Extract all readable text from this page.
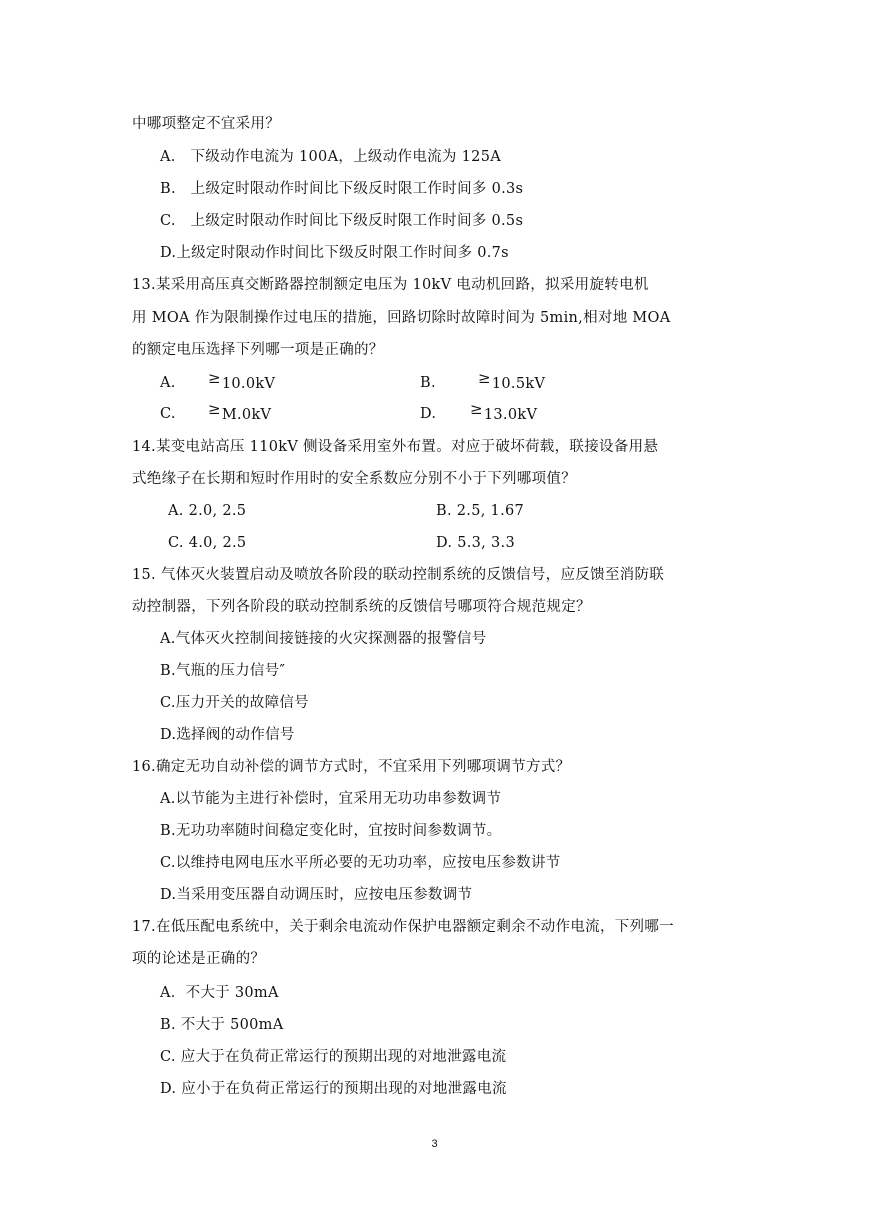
中哪项整定不宜采用？
A.　下级动作电流为 100A，上级动作电流为 125A
B.　上级定时限动作时间比下级反时限工作时间多 0.3s
C.　上级定时限动作时间比下级反时限工作时间多 0.5s
D.上级定时限动作时间比下级反时限工作时间多 0.7s
13.某采用高压真交断路器控制额定电压为 10kV 电动机回路，拟采用旋转电机
用 MOA 作为限制操作过电压的措施，回路切除时故障时间为 5min,相对地 MOA
的额定电压选择下列哪一项是正确的？
A. ≥10.0kV	B.	≥10.5kV
C. ≥M.0kV	D. ≥13.0kV
14.某变电站高压 110kV 侧设备采用室外布置。对应于破坏荷载，联接设备用悬
式绝缘子在长期和短时作用时的安全系数应分别不小于下列哪项值？
A. 2.0, 2.5	B. 2.5, 1.67
C. 4.0, 2.5	D. 5.3, 3.3
15. 气体灭火装置启动及喷放各阶段的联动控制系统的反馈信号，应反馈至消防联
动控制器，下列各阶段的联动控制系统的反馈信号哪项符合规范规定？
A.气体灭火控制间接链接的火灾探测器的报警信号
B.气瓶的压力信号″
C.压力开关的故障信号
D.选择阀的动作信号
16.确定无功自动补偿的调节方式时，不宜采用下列哪项调节方式？
A.以节能为主进行补偿时，宜采用无功功串参数调节
B.无功功率随时间稳定变化时，宜按时间参数调节。
C.以维持电网电压水平所必要的无功功率，应按电压参数讲节
D.当采用变压器自动调压时，应按电压参数调节
17.在低压配电系统中，关于剩余电流动作保护电器额定剩余不动作电流，下列哪一
项的论述是正确的？
A．不大于 30mA
B. 不大于 500mA
C. 应大于在负荷正常运行的预期出现的对地泄露电流
D. 应小于在负荷正常运行的预期出现的对地泄露电流
3
